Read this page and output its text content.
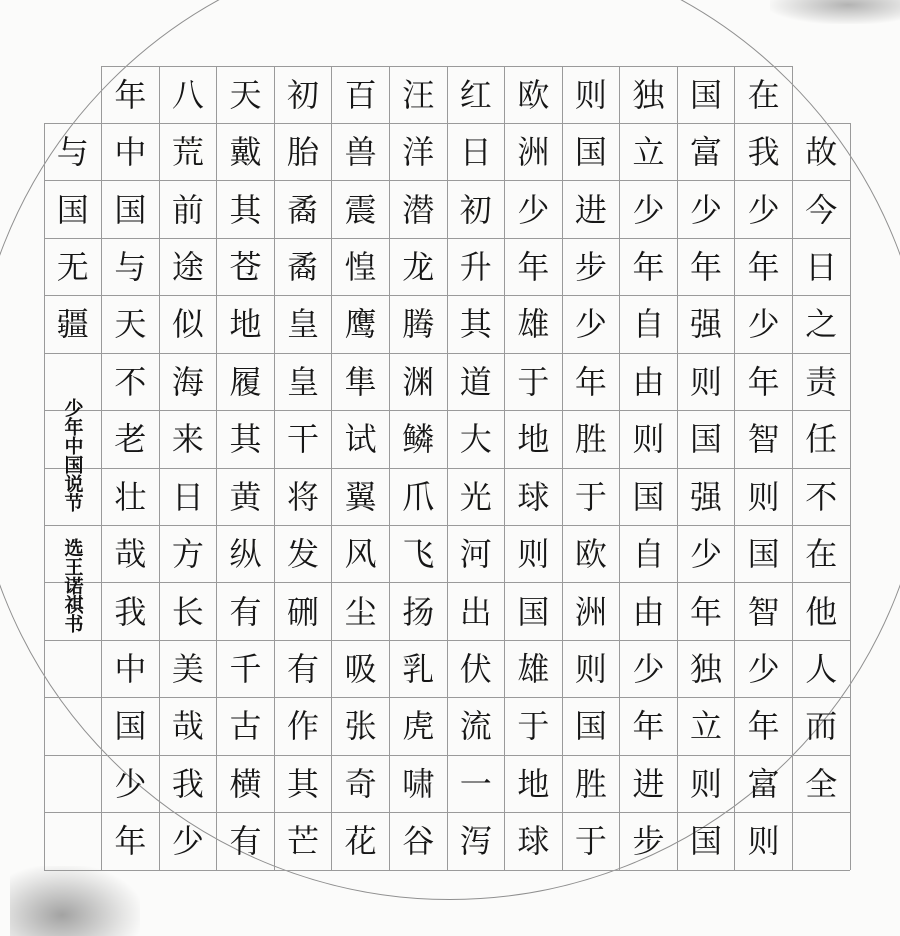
故
今
日
之
责
任
不
在
他
人
而
全
在
我
少
年
少
年
智
则
国
智
少
年
富
则
国
富
少
年
强
则
国
强
少
年
独
立
则
国
独
立
少
年
自
由
则
国
自
由
少
年
进
步
则
国
进
步
少
年
胜
于
欧
洲
则
国
胜
于
欧
洲
少
年
雄
于
地
球
则
国
雄
于
地
球
红
日
初
升
其
道
大
光
河
出
伏
流
一
泻
汪
洋
潜
龙
腾
渊
鳞
爪
飞
扬
乳
虎
啸
谷
百
兽
震
惶
鹰
隼
试
翼
风
尘
吸
张
奇
花
初
胎
矞
矞
皇
皇
干
将
发
硎
有
作
其
芒
天
戴
其
苍
地
履
其
黄
纵
有
千
古
横
有
八
荒
前
途
似
海
来
日
方
长
美
哉
我
少
年
中
国
与
天
不
老
壮
哉
我
中
国
少
年
与
国
无
疆
少年中国说节
选王诺祺书
